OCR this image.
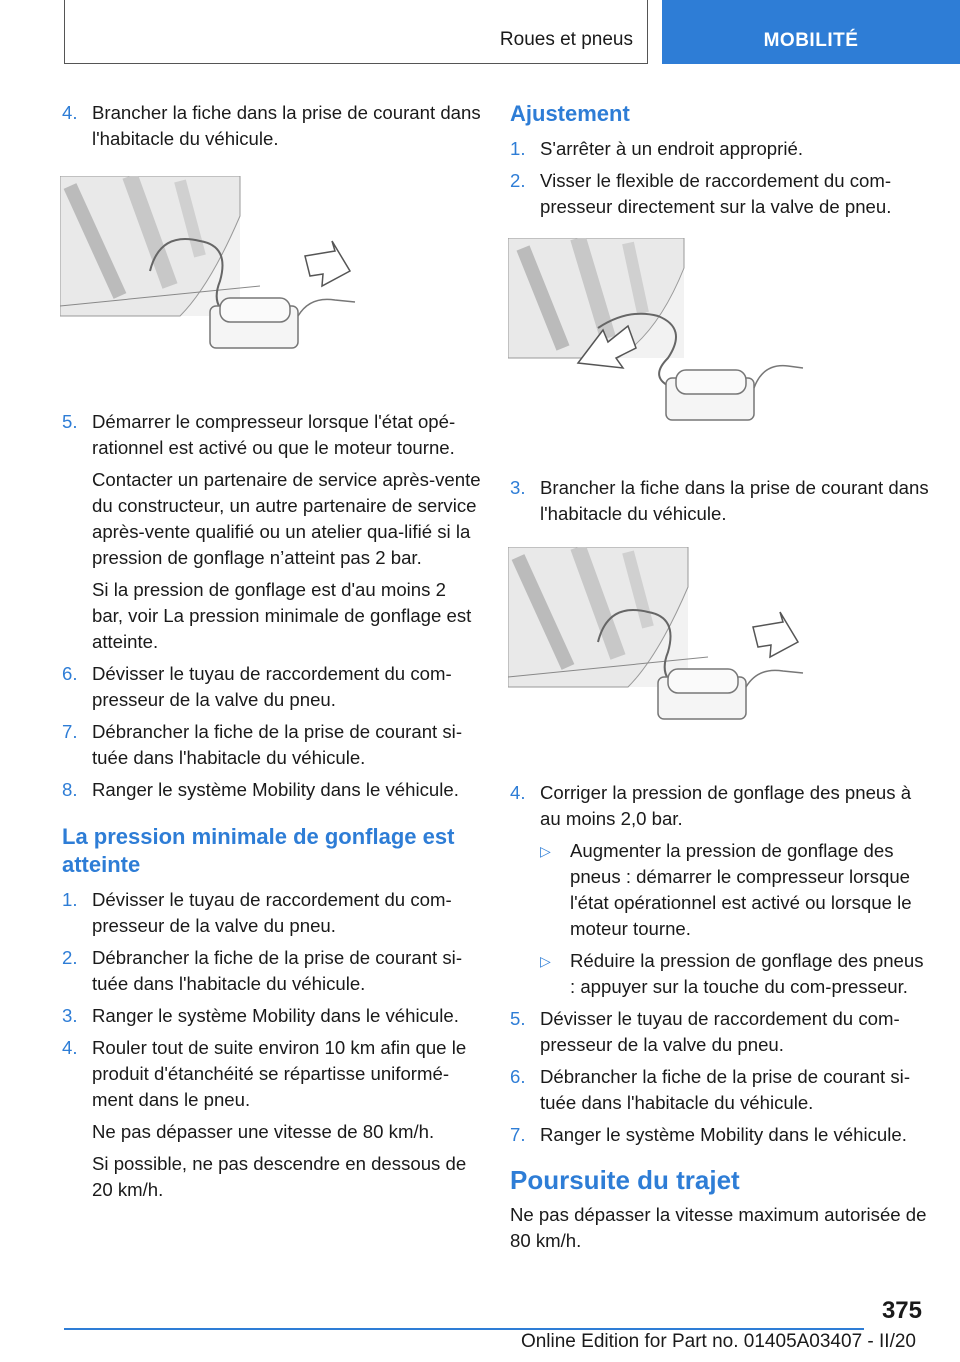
Roues et pneus	MOBILITÉ
4. Brancher la fiche dans la prise de courant dans l'habitacle du véhicule.

5. Démarrer le compresseur lorsque l'état opé-rationnel est activé ou que le moteur tourne.

Contacter un partenaire de service après-vente du constructeur, un autre partenaire de service après-vente qualifié ou un atelier qua-lifié si la pression de gonflage n’atteint pas 2 bar.

Si la pression de gonflage est d'au moins 2 bar, voir La pression minimale de gonflage est atteinte.

6. Dévisser le tuyau de raccordement du com-presseur de la valve du pneu.

7. Débrancher la fiche de la prise de courant si-tuée dans l'habitacle du véhicule.

8. Ranger le système Mobility dans le véhicule.

La pression minimale de gonflage est atteinte
1. Dévisser le tuyau de raccordement du com-presseur de la valve du pneu.

2. Débrancher la fiche de la prise de courant si-tuée dans l'habitacle du véhicule.

3. Ranger le système Mobility dans le véhicule.

4. Rouler tout de suite environ 10 km afin que le produit d'étanchéité se répartisse uniformé-ment dans le pneu.

Ne pas dépasser une vitesse de 80 km/h.

Si possible, ne pas descendre en dessous de 20 km/h.

Ajustement
1. S'arrêter à un endroit approprié.

2. Visser le flexible de raccordement du com-presseur directement sur la valve de pneu.

3. Brancher la fiche dans la prise de courant dans l'habitacle du véhicule.

4. Corriger la pression de gonflage des pneus à au moins 2,0 bar.

▷ Augmenter la pression de gonflage des pneus : démarrer le compresseur lorsque l'état opérationnel est activé ou lorsque le moteur tourne.
▷ Réduire la pression de gonflage des pneus : appuyer sur la touche du com-presseur.
5. Dévisser le tuyau de raccordement du com-presseur de la valve du pneu.

6. Débrancher la fiche de la prise de courant si-tuée dans l'habitacle du véhicule.

7. Ranger le système Mobility dans le véhicule.

Poursuite du trajet

Ne pas dépasser la vitesse maximum autorisée de 80 km/h.

375
Online Edition for Part no. 01405A03407 - II/20
